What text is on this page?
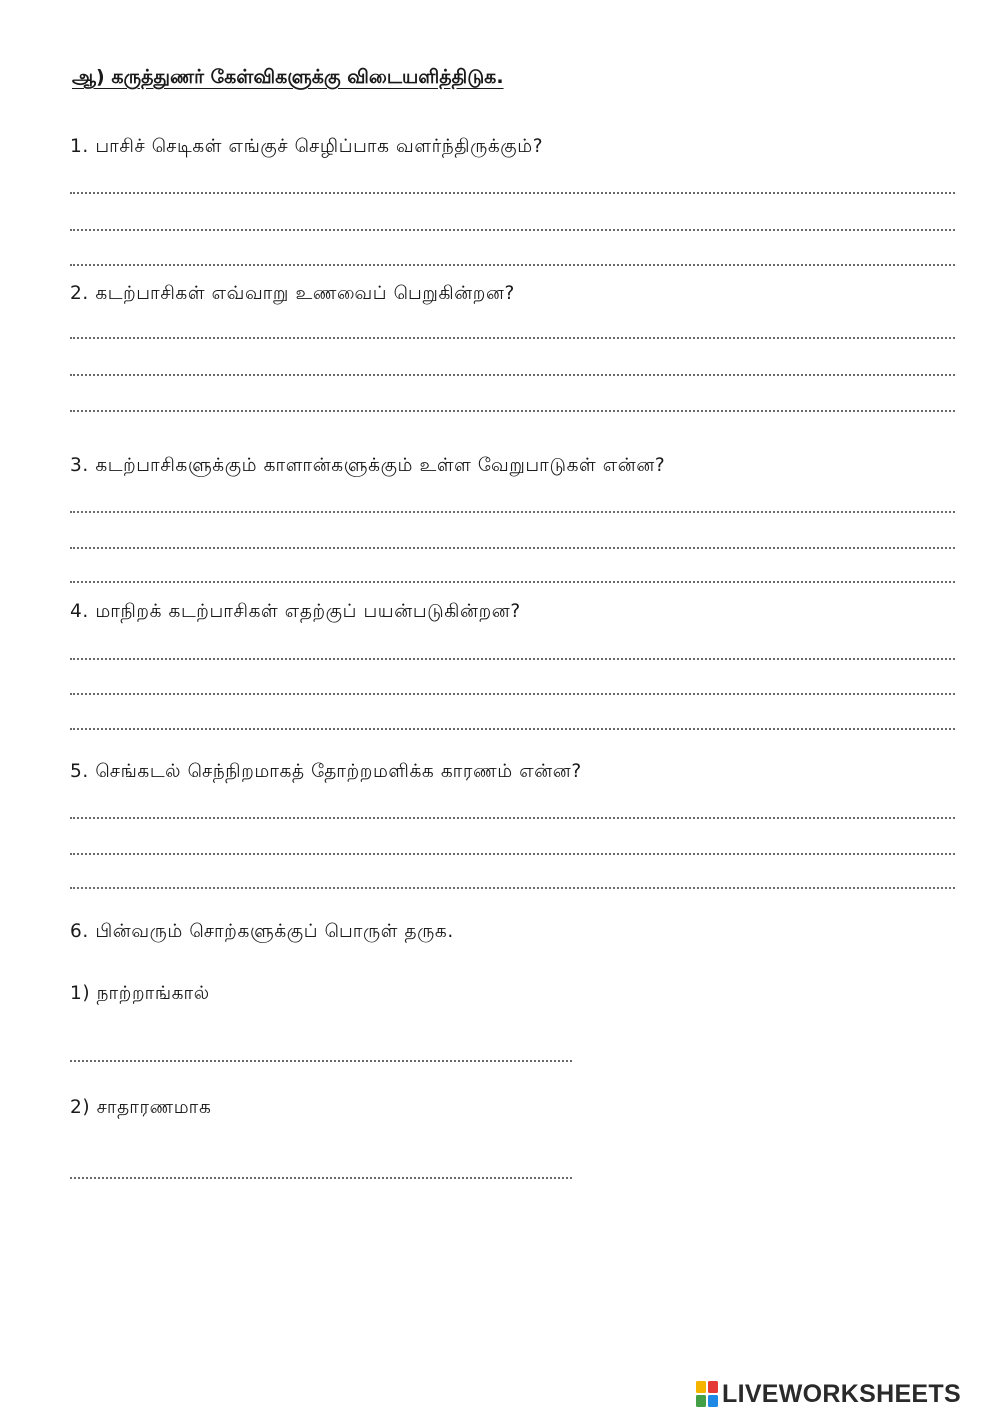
ஆ) கருத்துணர் கேள்விகளுக்கு விடையளித்திடுக.
1. பாசிச் செடிகள் எங்குச் செழிப்பாக வளர்ந்திருக்கும்?
2. கடற்பாசிகள் எவ்வாறு உணவைப் பெறுகின்றன?
3. கடற்பாசிகளுக்கும் காளான்களுக்கும் உள்ள வேறுபாடுகள் என்ன?
4. மாநிறக் கடற்பாசிகள் எதற்குப் பயன்படுகின்றன?
5. செங்கடல் செந்நிறமாகத் தோற்றமளிக்க காரணம் என்ன?
6. பின்வரும் சொற்களுக்குப் பொருள் தருக.
1) நாற்றாங்கால்
2) சாதாரணமாக
LIVEWORKSHEETS
